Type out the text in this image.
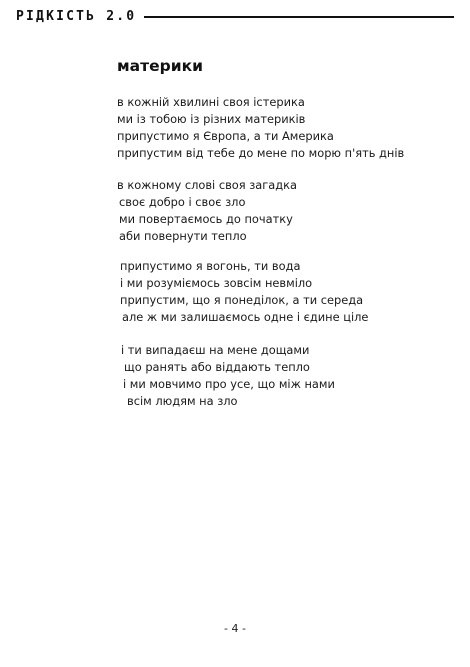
РІДКІСТЬ 2.0
материки

в кожній хвилині своя істерика
ми із тобою із різних материків
припустимо я Європа, а ти Америка
припустим від тебе до мене по морю п'ять днів

в кожному слові своя загадка
своє добро і своє зло
ми повертаємось до початку
аби повернути тепло

припустимо я вогонь, ти вода
і ми розуміємось зовсім невміло
припустим, що я понеділок, а ти середа
але ж ми залишаємось одне і єдине ціле

і ти випадаєш на мене дощами
що ранять або віддають тепло
і ми мовчимо про усе, що між нами
всім людям на зло

- 4 -
